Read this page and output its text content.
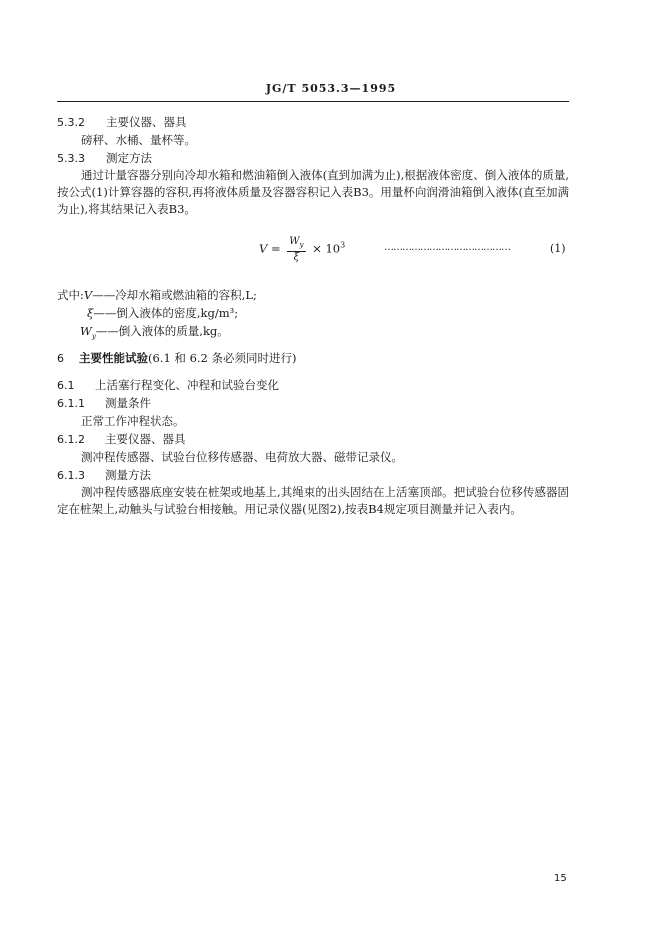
JG/T 5053.3—1995
5.3.2 主要仪器、器具
磅秤、水桶、量杯等。
5.3.3 测定方法
通过计量容器分别向冷却水箱和燃油箱倒入液体(直到加满为止),根据液体密度、倒入液体的质量,按公式(1)计算容器的容积,再将液体质量及容器容积记入表B3。用量杯向润滑油箱倒入液体(直至加满为止),将其结果记入表B3。
$V = \frac{W_y}{\xi} \times 10^3$	……………………………………	(1)
式中:V——冷却水箱或燃油箱的容积,L;
ξ——倒入液体的密度,kg/m³;
$W_y——$倒入液体的质量,kg。
6 主要性能试验(6.1 和 6.2 条必须同时进行)
6.1 上活塞行程变化、冲程和试验台变化
6.1.1 测量条件
正常工作冲程状态。
6.1.2 主要仪器、器具
测冲程传感器、试验台位移传感器、电荷放大器、磁带记录仪。
6.1.3 测量方法
测冲程传感器底座安装在桩架或地基上,其绳束的出头固结在上活塞顶部。把试验台位移传感器固定在桩架上,动触头与试验台相接触。用记录仪器(见图2),按表B4规定项目测量并记入表内。
15
